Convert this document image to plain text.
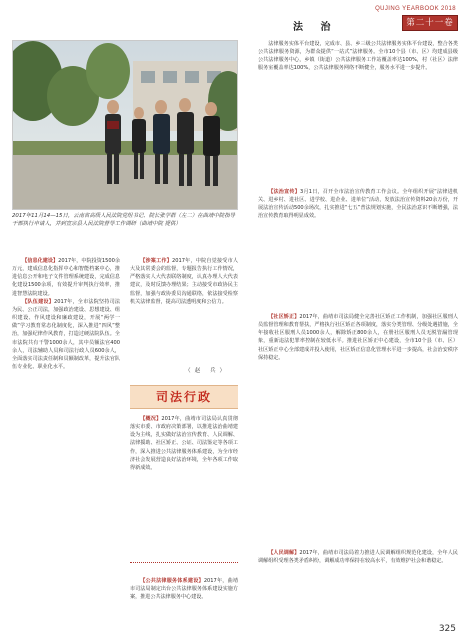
QUJING YEARBOOK 2018
法 治	第二十一卷
2017年11月14—15日，云南省高级人民法院党组书记、院长张学群（左二）在曲靖中院指导干部执行申请人，并到宣宗县人民法院督导工作调研（曲靖中院 提供）

【信息化建设】2017年，中院投资1500余万元，建成信息化指挥中心和智能档案中心，推进信息公开和电子文件管理系统建设，完成信息化建设1500余项，有效提升审判执行效率，推进智慧法院建设。

【队伍建设】2017年，全市法院坚持司法为民、公正司法，加强政治建设、思想建设、组织建设、作风建设和廉政建设，开展“两学一做”学习教育常态化制度化，深入推进“四风”整治，加强纪律作风教育，打造过硬法院队伍。全市法院共有干警1000余人，其中员额法官400余人，司法辅助人员和司法行政人员600余人，全面落实司法责任制和员额制改革，提升法官队伍专业化、职业化水平。

【涉案工作】2017年，中院自觉接受市人大及其常委会的监督，专题报告执行工作情况，严格落实人大代表联络制度，认真办理人大代表建议，及时反馈办理结果；主动接受市政协民主监督，加强与政协委员沟通联络，依法接受检察机关法律监督，提高司法透明度和公信力。

（赵 兵）
司法行政

【概况】2017年，曲靖市司法局认真贯彻落实市委、市政府决策部署，以推进法治曲靖建设为主线，扎实做好法治宣传教育、人民调解、法律援助、社区矫正、公证、司法鉴定等各项工作，深入推进公共法律服务体系建设，为全市经济社会发展营造良好法治环境，全年各项工作取得新成效。

【公共法律服务体系建设】2017年，曲靖市司法局制定出台公共法律服务体系建设实施方案，推进公共法律服务中心建设。

法律服务实体平台建设，完成市、县、乡三级公共法律服务实体平台建设，整合各类公共法律服务资源，为群众提供“一站式”法律服务。全市10个县（市、区）均建成县级公共法律服务中心，乡镇（街道）公共法律服务工作站覆盖率达100%，村（社区）法律服务室覆盖率达100%，公共法律服务网络不断健全，服务水平进一步提升。

【法治宣传】3月1日，召开全市法治宣传教育工作会议。全年组织开展“法律进机关、进乡村、进社区、进学校、进企业、进单位”活动，发放法治宣传资料20余万份，开展法治宣传活动500余场次，扎实推进“七五”普法规划实施，全民法治意识不断增强，法治宣传教育取得明显成效。

【社区矫正】2017年，曲靖市司法局健全完善社区矫正工作机制，加强社区服刑人员监督管理和教育帮扶，严格执行社区矫正各项制度，落实分类管理、分级处遇措施，全年接收社区服刑人员1000余人，解除矫正800余人，在册社区服刑人员无脱管漏管现象，重新违法犯罪率控制在较低水平。推进社区矫正中心建设，全市10个县（市、区）社区矫正中心全部建成并投入使用，社区矫正信息化管理水平进一步提高，社会治安秩序保持稳定。

【人民调解】2017年，曲靖市司法局着力推进人民调解组织规范化建设，全年人民调解组织受理各类矛盾纠纷，调解成功率保持在较高水平，有效维护社会和谐稳定。

325
